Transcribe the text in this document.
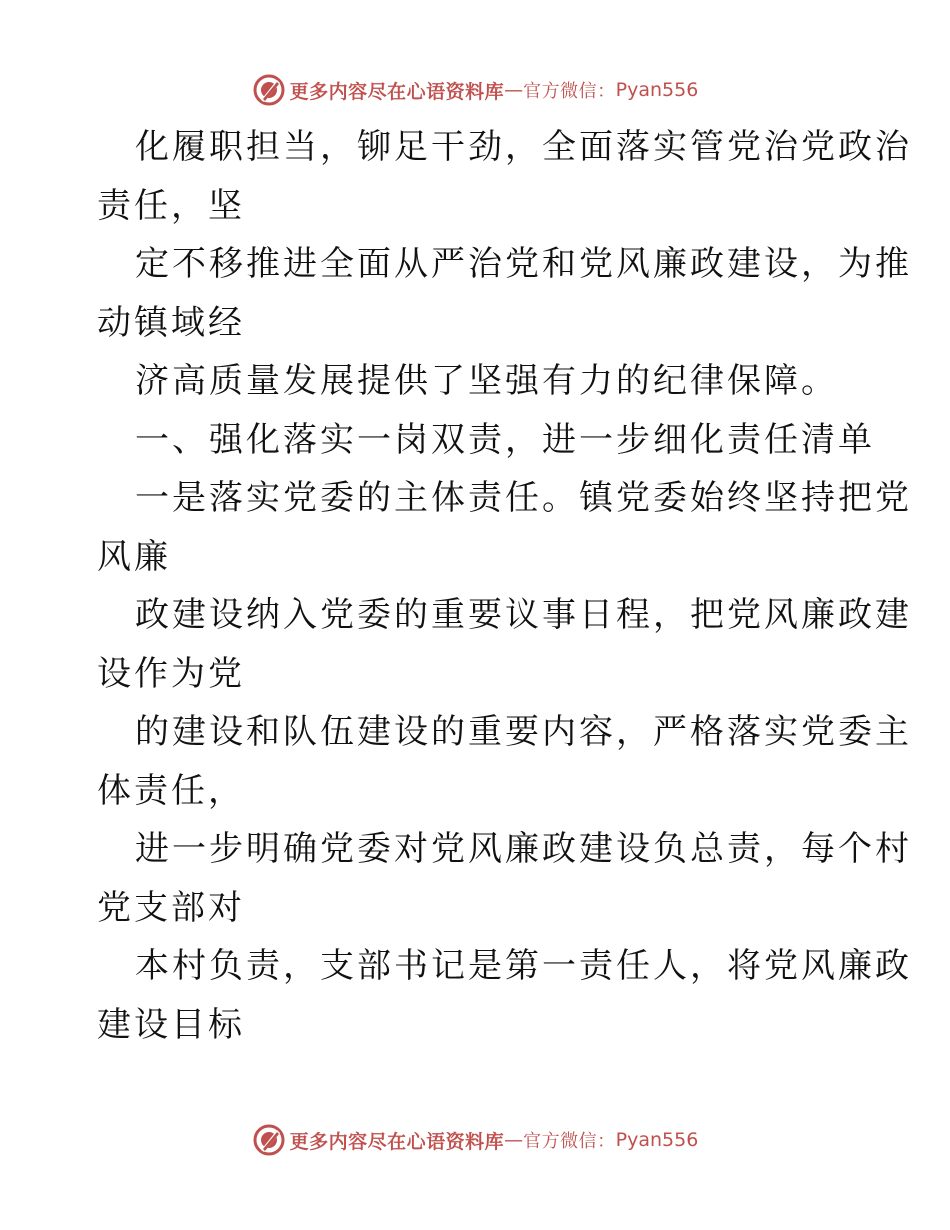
更多内容尽在心语资料库 — 官方微信： Pyan556
化履职担当，铆足干劲，全面落实管党治党政治
责任，坚
定不移推进全面从严治党和党风廉政建设，为推
动镇域经
济高质量发展提供了坚强有力的纪律保障。
一、强化落实一岗双责，进一步细化责任清单
一是落实党委的主体责任。镇党委始终坚持把党
风廉
政建设纳入党委的重要议事日程，把党风廉政建
设作为党
的建设和队伍建设的重要内容，严格落实党委主
体责任，
进一步明确党委对党风廉政建设负总责，每个村
党支部对
本村负责，支部书记是第一责任人，将党风廉政
建设目标
更多内容尽在心语资料库 — 官方微信： Pyan556
